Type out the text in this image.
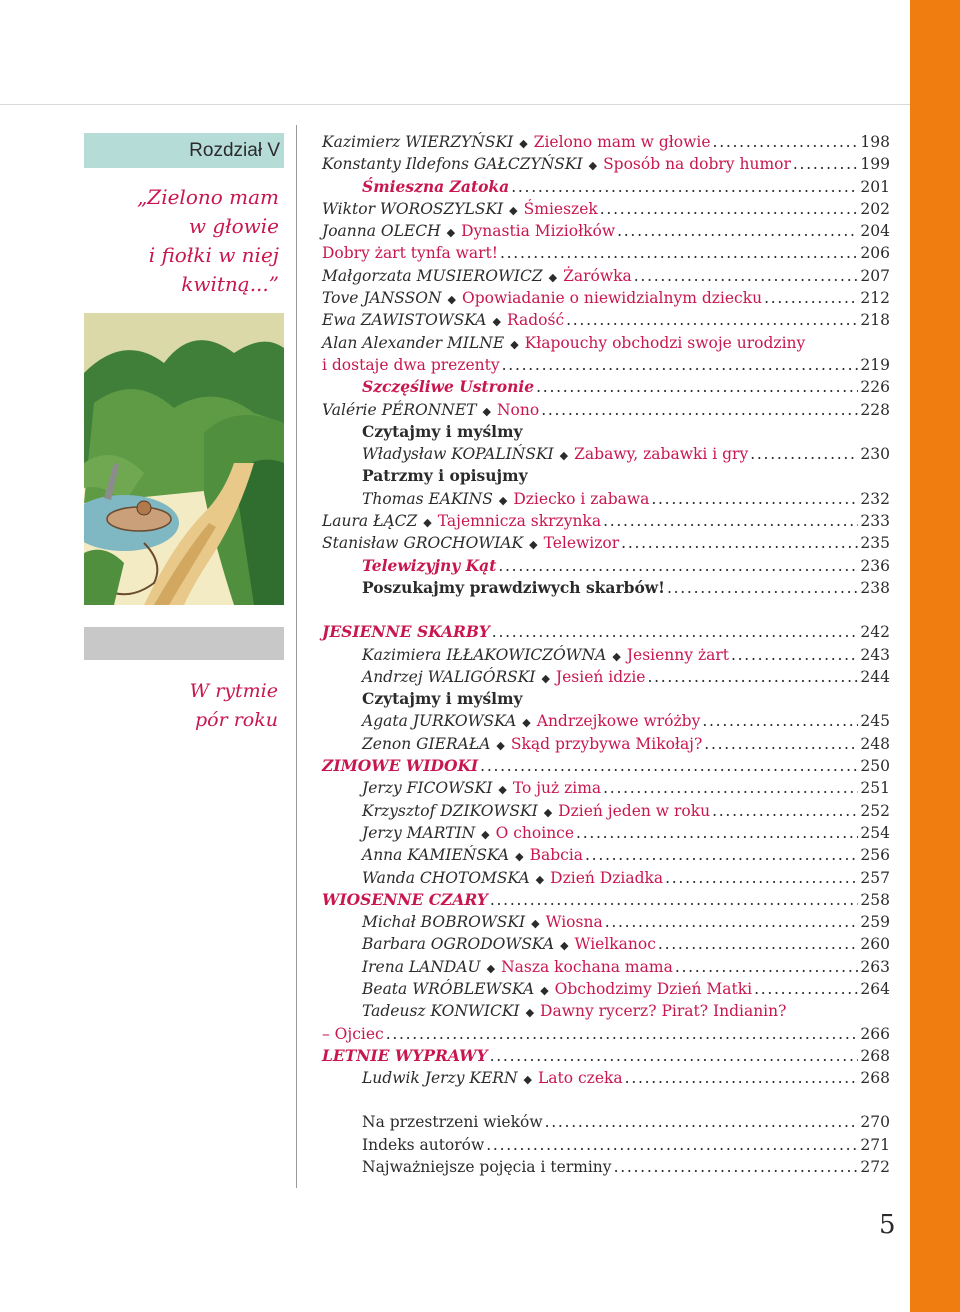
Rozdział V
„Zielono mam
w głowie
i fiołki w niej
kwitną...”
W rytmie
pór roku
Kazimierz WIERZYŃSKI ◆ Zielono mam w głowie . . .	198
Konstanty Ildefons GAŁCZYŃSKI ◆ Sposób na dobry humor . . .	199
Śmieszna Zatoka . . .	201
Wiktor WOROSZYLSKI ◆ Śmieszek . . .	202
Joanna OLECH ◆ Dynastia Miziołków . . .	204
Dobry żart tynfa wart! . . .	206
Małgorzata MUSIEROWICZ ◆ Żarówka . . .	207
Tove JANSSON ◆ Opowiadanie o niewidzialnym dziecku . . .	212
Ewa ZAWISTOWSKA ◆ Radość . . .	218
Alan Alexander MILNE ◆ Kłapouchy obchodzi swoje urodziny
i dostaje dwa prezenty . . .	219
Szczęśliwe Ustronie . . .	226
Valérie PÉRONNET ◆ Nono . . .	228
Czytajmy i myślmy
Władysław KOPALIŃSKI ◆ Zabawy, zabawki i gry . . .	230
Patrzmy i opisujmy
Thomas EAKINS ◆ Dziecko i zabawa . . .	232
Laura ŁĄCZ ◆ Tajemnicza skrzynka . . .	233
Stanisław GROCHOWIAK ◆ Telewizor . . .	235
Telewizyjny Kąt . . .	236
Poszukajmy prawdziwych skarbów! . . .	238
JESIENNE SKARBY . . .	242
Kazimiera IŁŁAKOWICZÓWNA ◆ Jesienny żart . . .	243
Andrzej WALIGÓRSKI ◆ Jesień idzie . . .	244
Czytajmy i myślmy
Agata JURKOWSKA ◆ Andrzejkowe wróżby . . .	245
Zenon GIERAŁA ◆ Skąd przybywa Mikołaj? . . .	248
ZIMOWE WIDOKI . . .	250
Jerzy FICOWSKI ◆ To już zima . . .	251
Krzysztof DZIKOWSKI ◆ Dzień jeden w roku . . .	252
Jerzy MARTIN ◆ O choince . . .	254
Anna KAMIEŃSKA ◆ Babcia . . .	256
Wanda CHOTOMSKA ◆ Dzień Dziadka . . .	257
WIOSENNE CZARY . . .	258
Michał BOBROWSKI ◆ Wiosna . . .	259
Barbara OGRODOWSKA ◆ Wielkanoc . . .	260
Irena LANDAU ◆ Nasza kochana mama . . .	263
Beata WRÓBLEWSKA ◆ Obchodzimy Dzień Matki . . .	264
Tadeusz KONWICKI ◆ Dawny rycerz? Pirat? Indianin?
– Ojciec . . .	266
LETNIE WYPRAWY . . .	268
Ludwik Jerzy KERN ◆ Lato czeka . . .	268
Na przestrzeni wieków . . .	270
Indeks autorów . . .	271
Najważniejsze pojęcia i terminy . . .	272
5
